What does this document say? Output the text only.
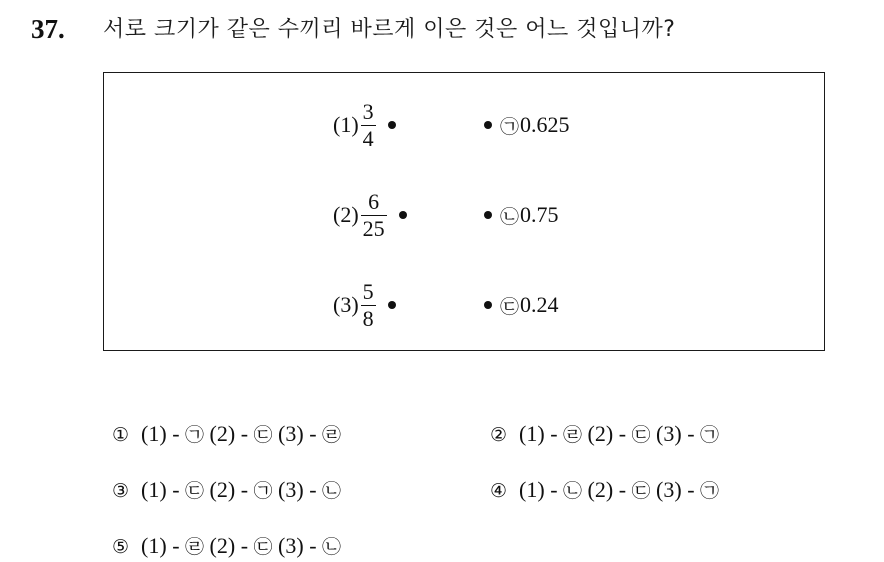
37. 서로 크기가 같은 수끼리 바르게 이은 것은 어느 것입니까?
$(1) \frac{3}{4}$	㉠ 0.625
$(2) \frac{6}{25}$	㉡ 0.75
$(3) \frac{5}{8}$	㉢ 0.24
① (1) - ㉠ (2) - ㉢ (3) - ㉣	② (1) - ㉣ (2) - ㉢ (3) - ㉠
③ (1) - ㉢ (2) - ㉠ (3) - ㉡	④ (1) - ㉡ (2) - ㉢ (3) - ㉠
⑤ (1) - ㉣ (2) - ㉢ (3) - ㉡
